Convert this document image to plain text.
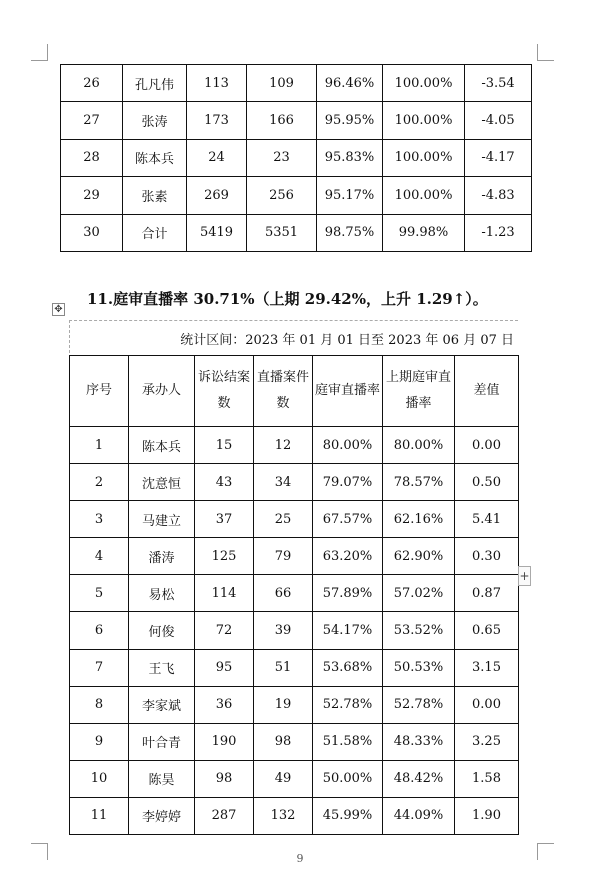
26	孔凡伟	113	109	96.46%	100.00%	-3.54
27	张涛	173	166	95.95%	100.00%	-4.05
28	陈本兵	24	23	95.83%	100.00%	-4.17
29	张素	269	256	95.17%	100.00%	-4.83
30	合计	5419	5351	98.75%	99.98%	-1.23
✥
11.庭审直播率 30.71%（上期 29.42%，上升 1.29↑）。
统计区间：2023 年 01 月 01 日至 2023 年 06 月 07 日
序号	承办人	诉讼结案数	直播案件数	庭审直播率	上期庭审直播率	差值
1	陈本兵	15	12	80.00%	80.00%	0.00
2	沈意恒	43	34	79.07%	78.57%	0.50
3	马建立	37	25	67.57%	62.16%	5.41
4	潘涛	125	79	63.20%	62.90%	0.30
5	易松	114	66	57.89%	57.02%	0.87
6	何俊	72	39	54.17%	53.52%	0.65
7	王飞	95	51	53.68%	50.53%	3.15
8	李家斌	36	19	52.78%	52.78%	0.00
9	叶合青	190	98	51.58%	48.33%	3.25
10	陈昊	98	49	50.00%	48.42%	1.58
11	李婷婷	287	132	45.99%	44.09%	1.90
+
9
